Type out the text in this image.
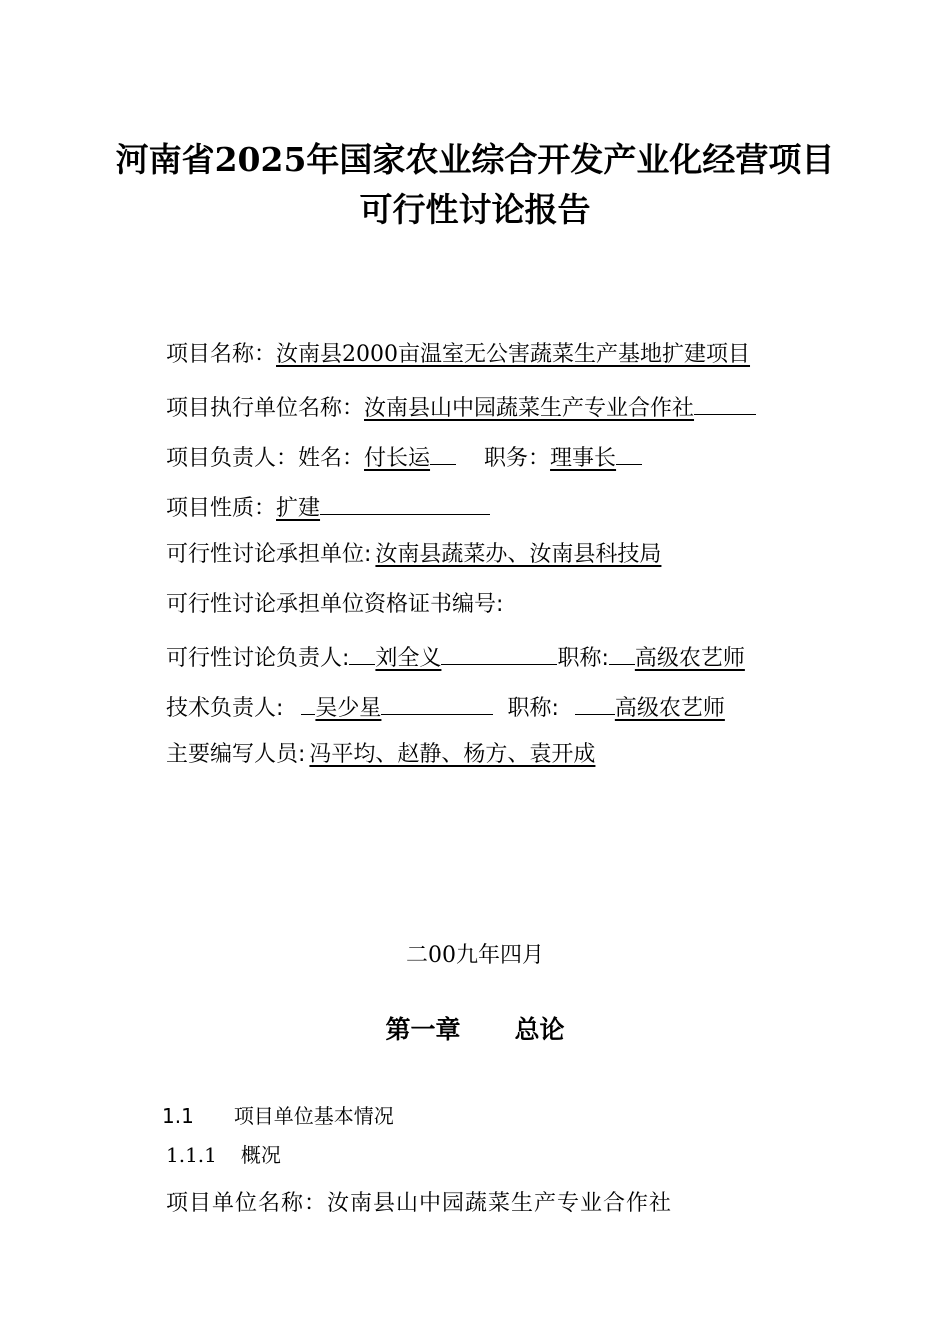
河南省2025年国家农业综合开发产业化经营项目
可行性讨论报告
项目名称：汝南县2000亩温室无公害蔬菜生产基地扩建项目
项目执行单位名称：汝南县山中园蔬菜生产专业合作社
项目负责人：姓名：付长运 职务：理事长
项目性质：扩建
可行性讨论承担单位: 汝南县蔬菜办、汝南县科技局
可行性讨论承担单位资格证书编号:
可行性讨论负责人: 刘全义	职称: 高级农艺师
技术负责人: 吴少星	职称:	高级农艺师
主要编写人员: 冯平均、赵静、杨方、袁开成
二00九年四月
第一章 总论
1.1 项目单位基本情况
1.1.1 概况
项目单位名称：汝南县山中园蔬菜生产专业合作社
